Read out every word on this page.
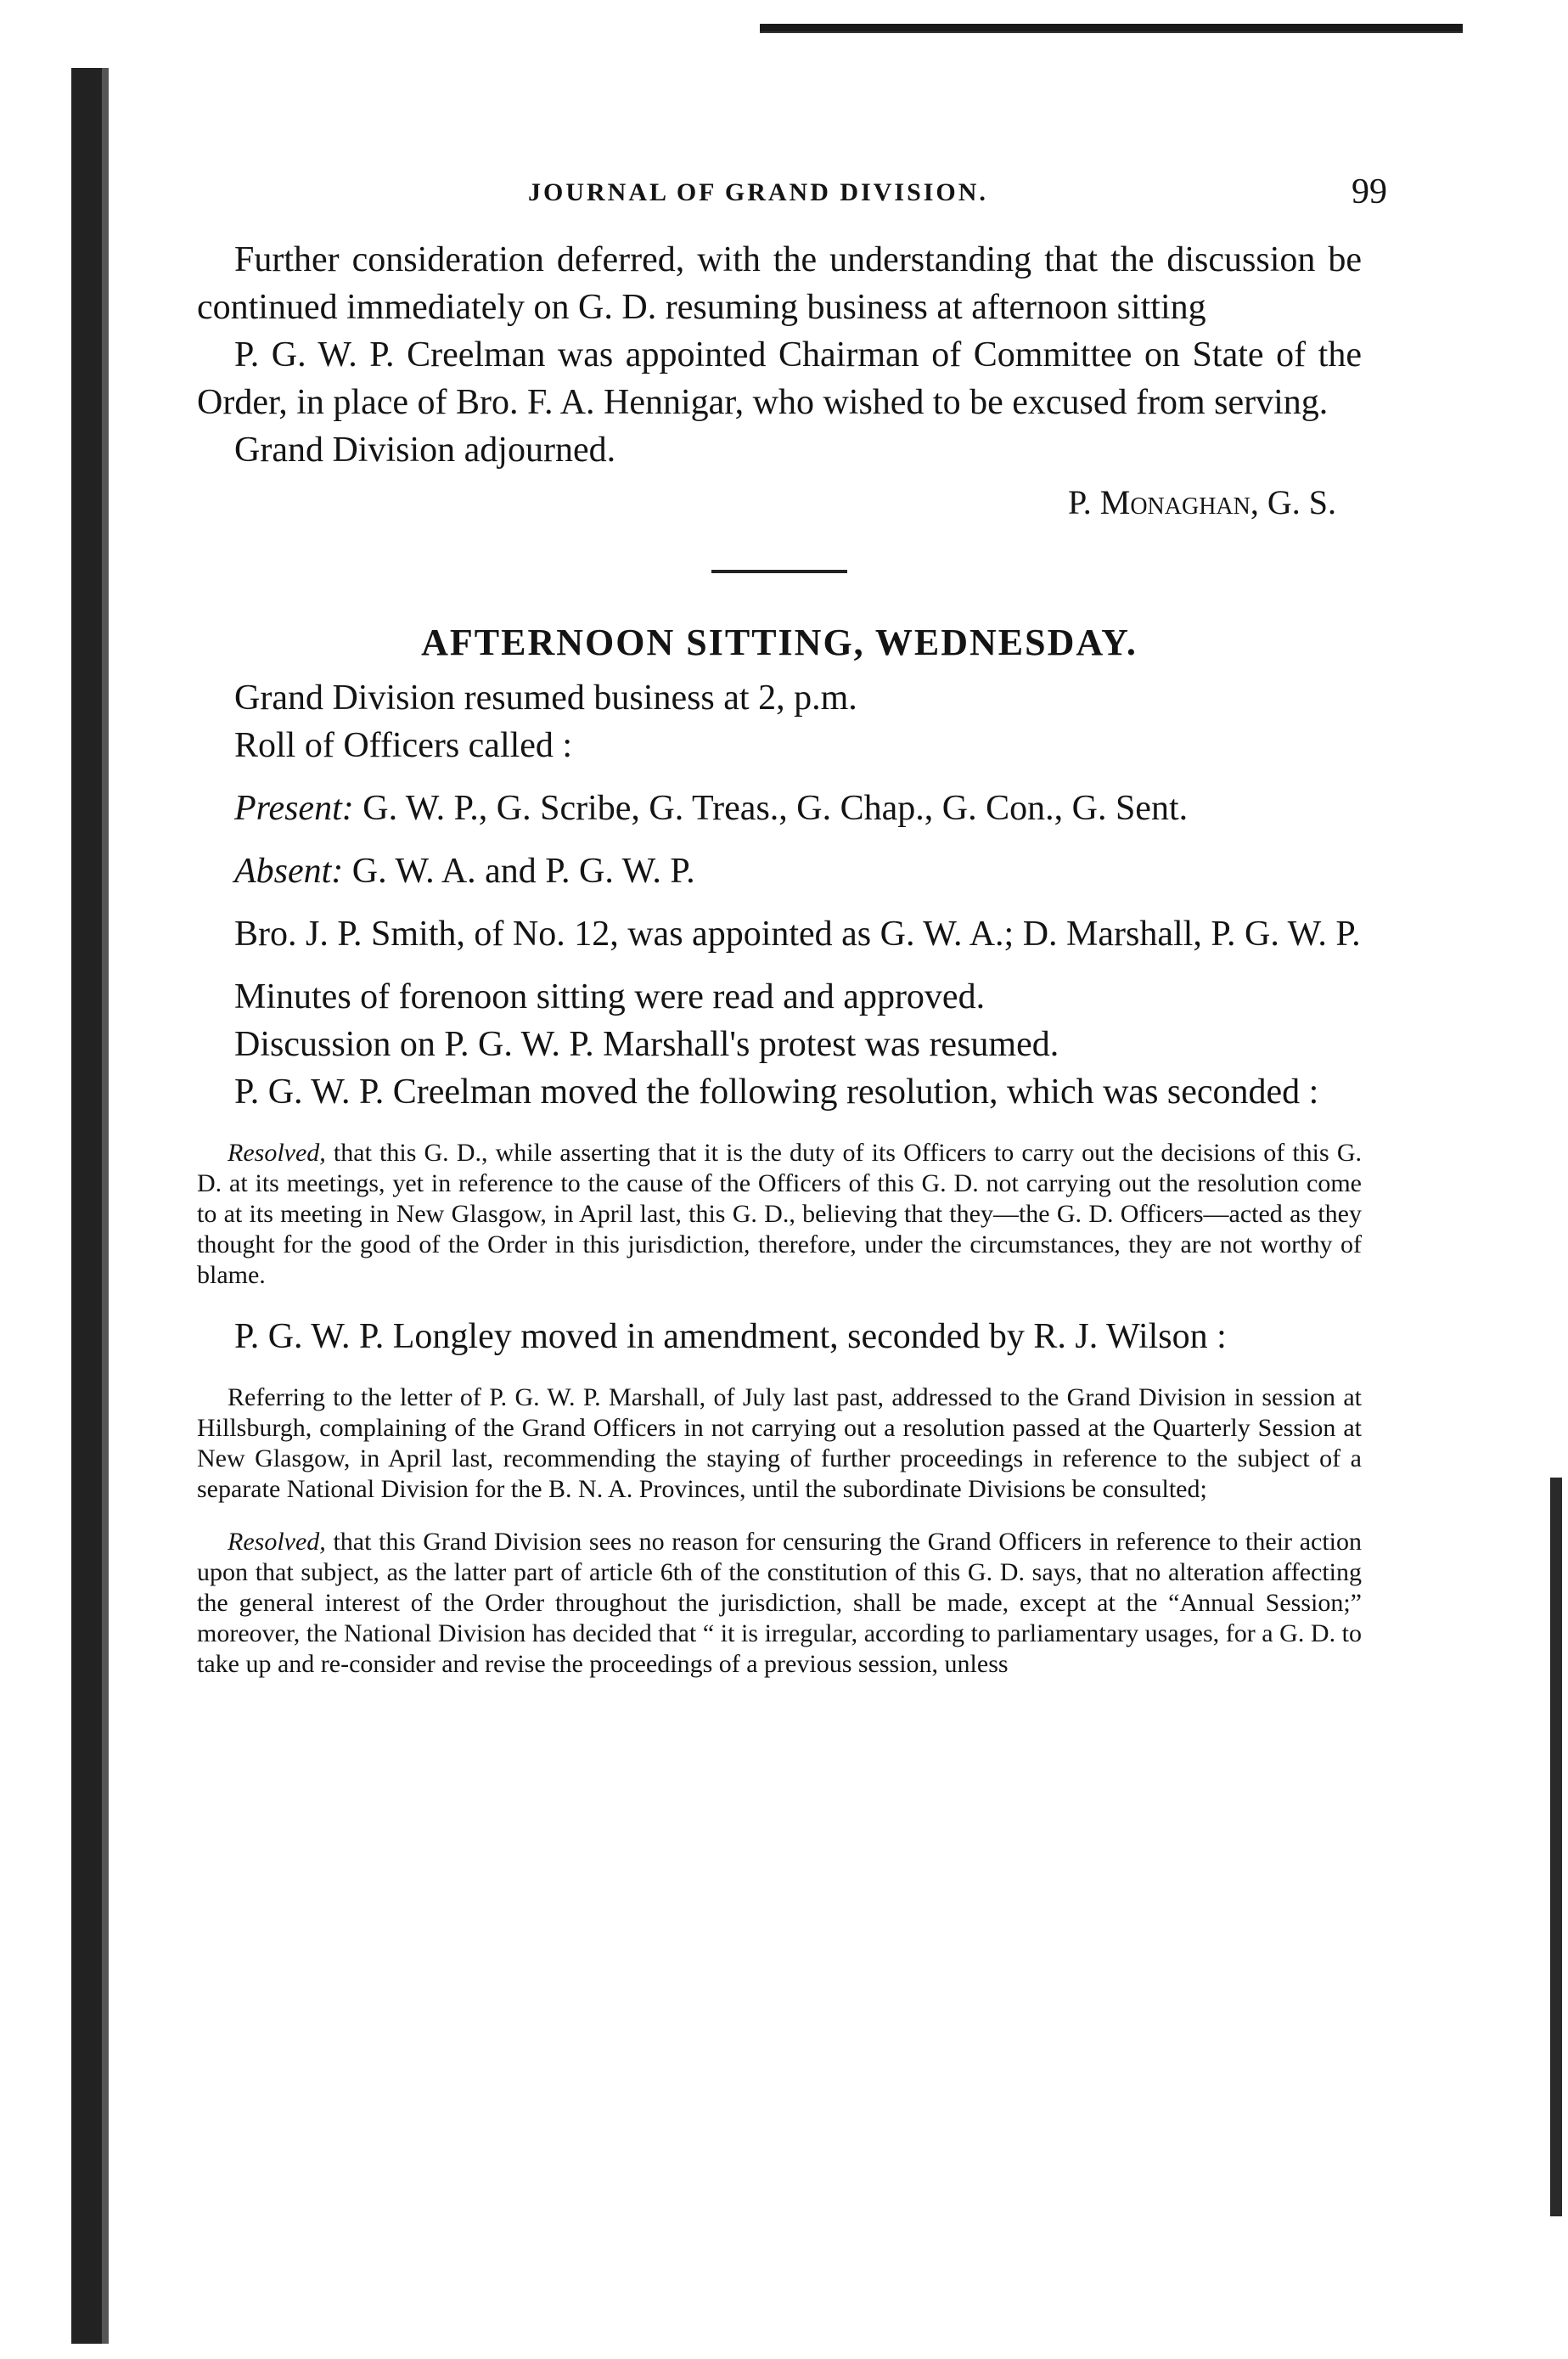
JOURNAL OF GRAND DIVISION.	99

Further consideration deferred, with the understanding that the discussion be continued immediately on G. D. resuming business at afternoon sitting

P. G. W. P. Creelman was appointed Chairman of Committee on State of the Order, in place of Bro. F. A. Hennigar, who wished to be excused from serving.

Grand Division adjourned.

P. Monaghan, G. S.
AFTERNOON SITTING, WEDNESDAY.

Grand Division resumed business at 2, p.m.

Roll of Officers called :

Present: G. W. P., G. Scribe, G. Treas., G. Chap., G. Con., G. Sent.

Absent: G. W. A. and P. G. W. P.

Bro. J. P. Smith, of No. 12, was appointed as G. W. A.; D. Marshall, P. G. W. P.

Minutes of forenoon sitting were read and approved.

Discussion on P. G. W. P. Marshall's protest was resumed.

P. G. W. P. Creelman moved the following resolution, which was seconded :

Resolved, that this G. D., while asserting that it is the duty of its Officers to carry out the decisions of this G. D. at its meetings, yet in reference to the cause of the Officers of this G. D. not carrying out the resolution come to at its meeting in New Glasgow, in April last, this G. D., believing that they—the G. D. Officers—acted as they thought for the good of the Order in this jurisdiction, therefore, under the circumstances, they are not worthy of blame.

P. G. W. P. Longley moved in amendment, seconded by R. J. Wilson :

Referring to the letter of P. G. W. P. Marshall, of July last past, addressed to the Grand Division in session at Hillsburgh, complaining of the Grand Officers in not carrying out a resolution passed at the Quarterly Session at New Glasgow, in April last, recommending the staying of further proceedings in reference to the subject of a separate National Division for the B. N. A. Provinces, until the subordinate Divisions be consulted;

Resolved, that this Grand Division sees no reason for censuring the Grand Officers in reference to their action upon that subject, as the latter part of article 6th of the constitution of this G. D. says, that no alteration affecting the general interest of the Order throughout the jurisdiction, shall be made, except at the “Annual Session;” moreover, the National Division has decided that “ it is irregular, according to parliamentary usages, for a G. D. to take up and re-consider and revise the proceedings of a previous session, unless
